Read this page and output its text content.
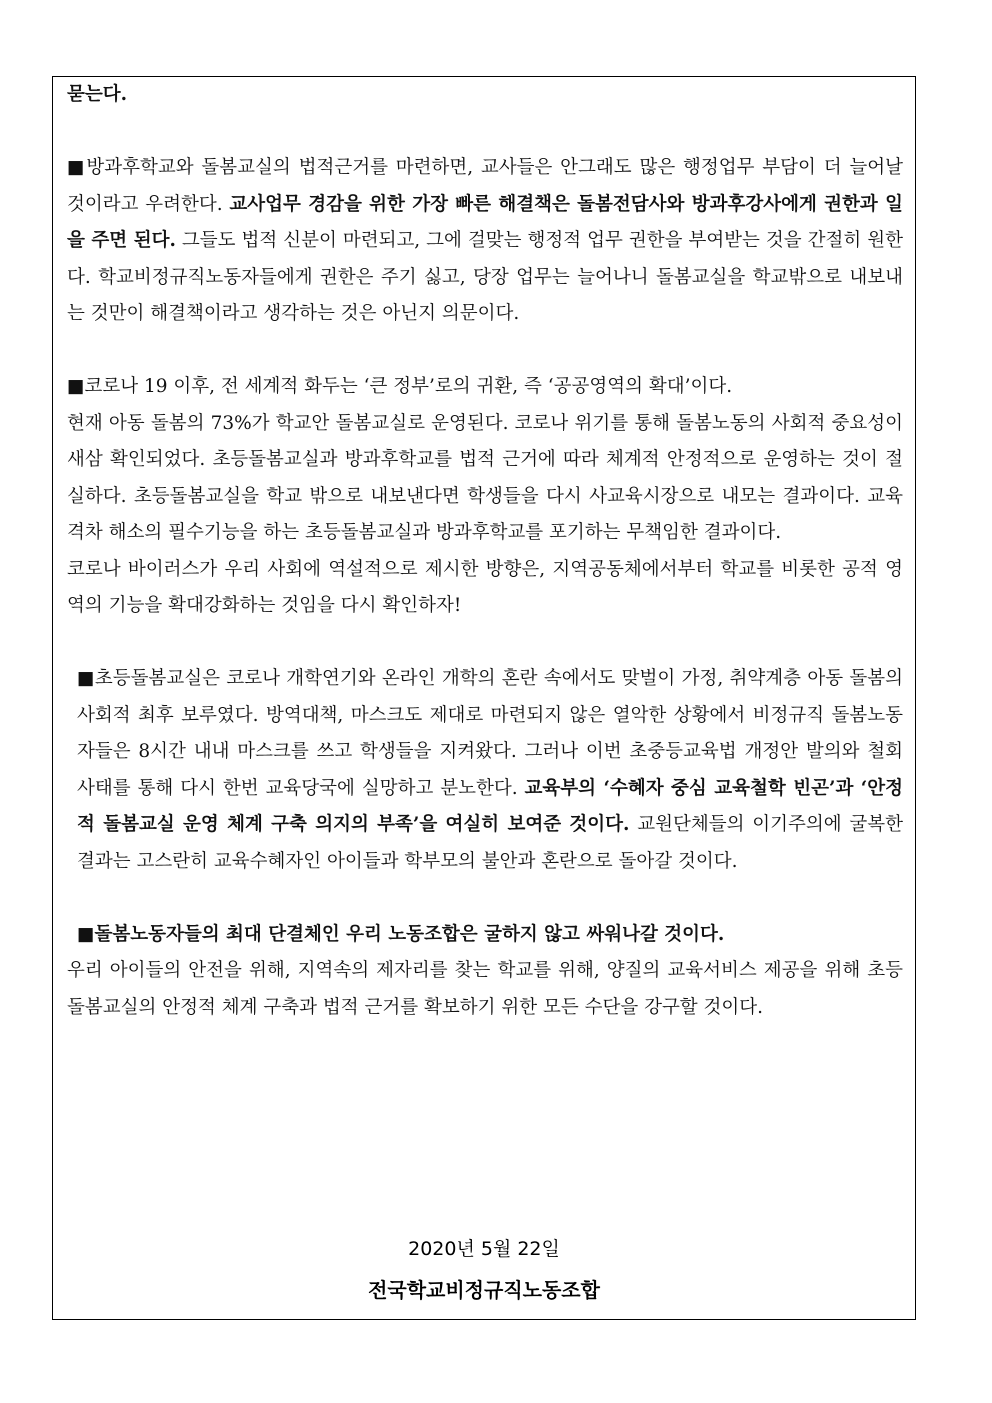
묻는다.

■방과후학교와 돌봄교실의 법적근거를 마련하면, 교사들은 안그래도 많은 행정업무 부담이 더 늘어날 것이라고 우려한다. 교사업무 경감을 위한 가장 빠른 해결책은 돌봄전담사와 방과후강사에게 권한과 일을 주면 된다. 그들도 법적 신분이 마련되고, 그에 걸맞는 행정적 업무 권한을 부여받는 것을 간절히 원한다. 학교비정규직노동자들에게 권한은 주기 싫고, 당장 업무는 늘어나니 돌봄교실을 학교밖으로 내보내는 것만이 해결책이라고 생각하는 것은 아닌지 의문이다.

■코로나 19 이후, 전 세계적 화두는 ‘큰 정부’로의 귀환, 즉 ‘공공영역의 확대’이다.

현재 아동 돌봄의 73%가 학교안 돌봄교실로 운영된다. 코로나 위기를 통해 돌봄노동의 사회적 중요성이 새삼 확인되었다. 초등돌봄교실과 방과후학교를 법적 근거에 따라 체계적 안정적으로 운영하는 것이 절실하다. 초등돌봄교실을 학교 밖으로 내보낸다면 학생들을 다시 사교육시장으로 내모는 결과이다. 교육격차 해소의 필수기능을 하는 초등돌봄교실과 방과후학교를 포기하는 무책임한 결과이다.

코로나 바이러스가 우리 사회에 역설적으로 제시한 방향은, 지역공동체에서부터 학교를 비롯한 공적 영역의 기능을 확대강화하는 것임을 다시 확인하자!

■초등돌봄교실은 코로나 개학연기와 온라인 개학의 혼란 속에서도 맞벌이 가정, 취약계층 아동 돌봄의 사회적 최후 보루였다. 방역대책, 마스크도 제대로 마련되지 않은 열악한 상황에서 비정규직 돌봄노동자들은 8시간 내내 마스크를 쓰고 학생들을 지켜왔다. 그러나 이번 초중등교육법 개정안 발의와 철회 사태를 통해 다시 한번 교육당국에 실망하고 분노한다. 교육부의 ‘수혜자 중심 교육철학 빈곤’과 ‘안정적 돌봄교실 운영 체계 구축 의지의 부족’을 여실히 보여준 것이다. 교원단체들의 이기주의에 굴복한 결과는 고스란히 교육수혜자인 아이들과 학부모의 불안과 혼란으로 돌아갈 것이다.

■돌봄노동자들의 최대 단결체인 우리 노동조합은 굴하지 않고 싸워나갈 것이다.

우리 아이들의 안전을 위해, 지역속의 제자리를 찾는 학교를 위해, 양질의 교육서비스 제공을 위해 초등돌봄교실의 안정적 체계 구축과 법적 근거를 확보하기 위한 모든 수단을 강구할 것이다.

2020년 5월 22일
전국학교비정규직노동조합
